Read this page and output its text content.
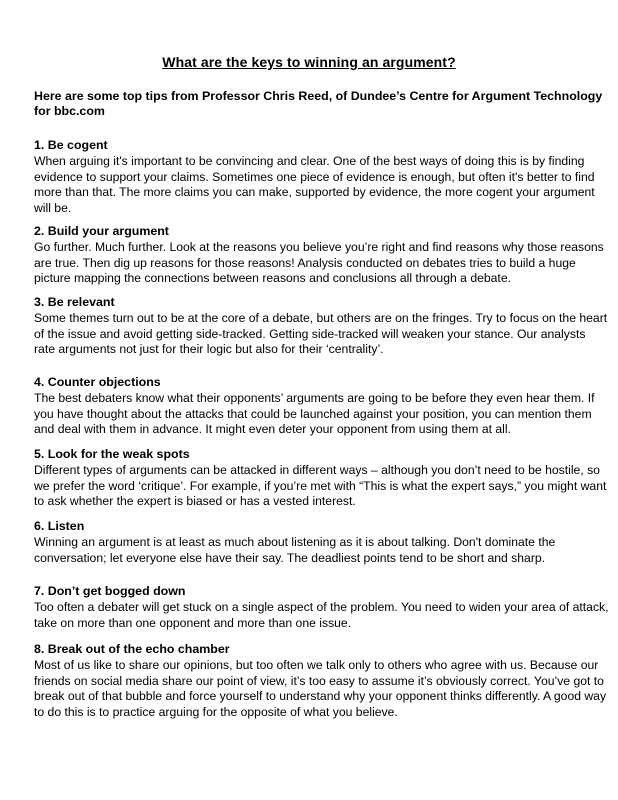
What are the keys to winning an argument?
Here are some top tips from Professor Chris Reed, of Dundee’s Centre for Argument Technology for bbc.com
1. Be cogent

When arguing it's important to be convincing and clear. One of the best ways of doing this is by finding evidence to support your claims. Sometimes one piece of evidence is enough, but often it's better to find more than that. The more claims you can make, supported by evidence, the more cogent your argument will be.

2. Build your argument

Go further. Much further. Look at the reasons you believe you’re right and find reasons why those reasons are true. Then dig up reasons for those reasons! Analysis conducted on debates tries to build a huge picture mapping the connections between reasons and conclusions all through a debate.

3. Be relevant

Some themes turn out to be at the core of a debate, but others are on the fringes. Try to focus on the heart of the issue and avoid getting side-tracked. Getting side-tracked will weaken your stance. Our analysts rate arguments not just for their logic but also for their ‘centrality’.

4. Counter objections

The best debaters know what their opponents’ arguments are going to be before they even hear them. If you have thought about the attacks that could be launched against your position, you can mention them and deal with them in advance. It might even deter your opponent from using them at all.

5. Look for the weak spots

Different types of arguments can be attacked in different ways – although you don’t need to be hostile, so we prefer the word ‘critique’. For example, if you’re met with “This is what the expert says,” you might want to ask whether the expert is biased or has a vested interest.

6. Listen

Winning an argument is at least as much about listening as it is about talking. Don't dominate the conversation; let everyone else have their say. The deadliest points tend to be short and sharp.

7. Don’t get bogged down

Too often a debater will get stuck on a single aspect of the problem. You need to widen your area of attack, take on more than one opponent and more than one issue.

8. Break out of the echo chamber

Most of us like to share our opinions, but too often we talk only to others who agree with us. Because our friends on social media share our point of view, it’s too easy to assume it’s obviously correct. You’ve got to break out of that bubble and force yourself to understand why your opponent thinks differently. A good way to do this is to practice arguing for the opposite of what you believe.
